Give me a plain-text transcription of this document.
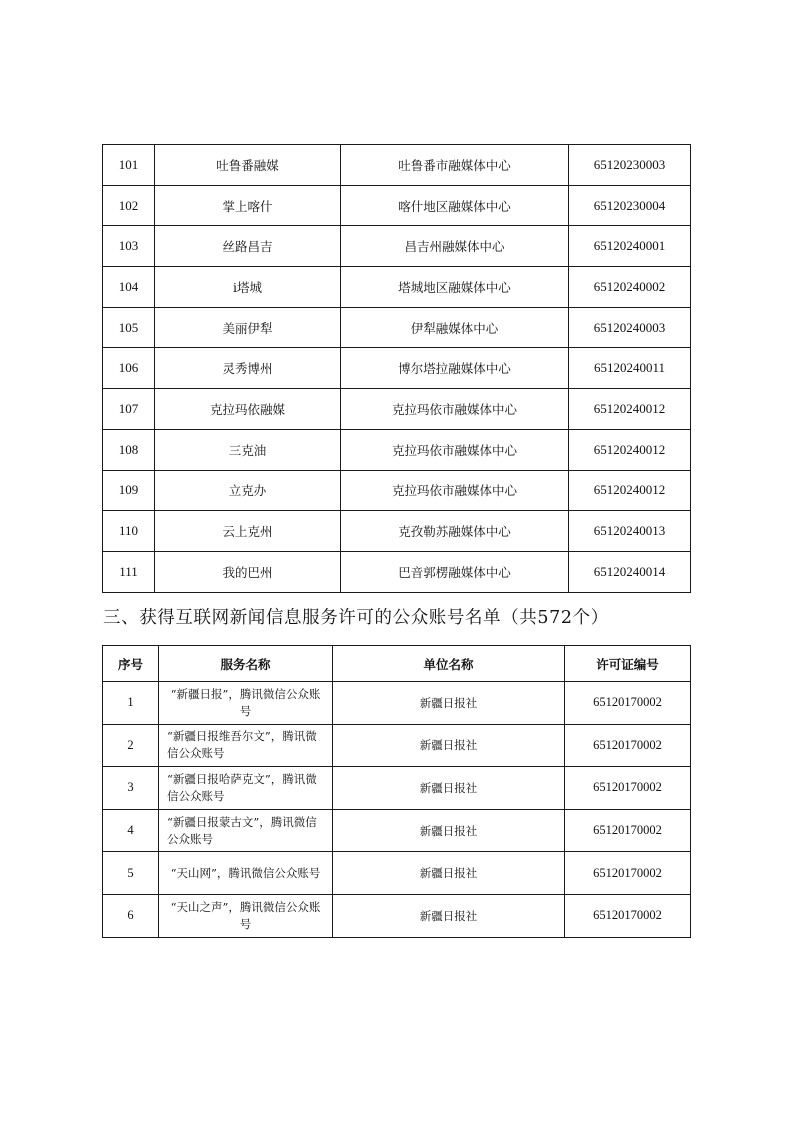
101	吐鲁番融媒	吐鲁番市融媒体中心	65120230003
102	掌上喀什	喀什地区融媒体中心	65120230004
103	丝路昌吉	昌吉州融媒体中心	65120240001
104	i塔城	塔城地区融媒体中心	65120240002
105	美丽伊犁	伊犁融媒体中心	65120240003
106	灵秀博州	博尔塔拉融媒体中心	65120240011
107	克拉玛依融媒	克拉玛依市融媒体中心	65120240012
108	三克油	克拉玛依市融媒体中心	65120240012
109	立克办	克拉玛依市融媒体中心	65120240012
110	云上克州	克孜勒苏融媒体中心	65120240013
111	我的巴州	巴音郭楞融媒体中心	65120240014
三、获得互联网新闻信息服务许可的公众账号名单（共572个）
序号	服务名称	单位名称	许可证编号
1	“新疆日报”，腾讯微信公众账号	新疆日报社	65120170002
2	“新疆日报维吾尔文”，腾讯微信公众账号	新疆日报社	65120170002
3	“新疆日报哈萨克文”，腾讯微信公众账号	新疆日报社	65120170002
4	“新疆日报蒙古文”，腾讯微信公众账号	新疆日报社	65120170002
5	“天山网”，腾讯微信公众账号	新疆日报社	65120170002
6	“天山之声”，腾讯微信公众账号	新疆日报社	65120170002
